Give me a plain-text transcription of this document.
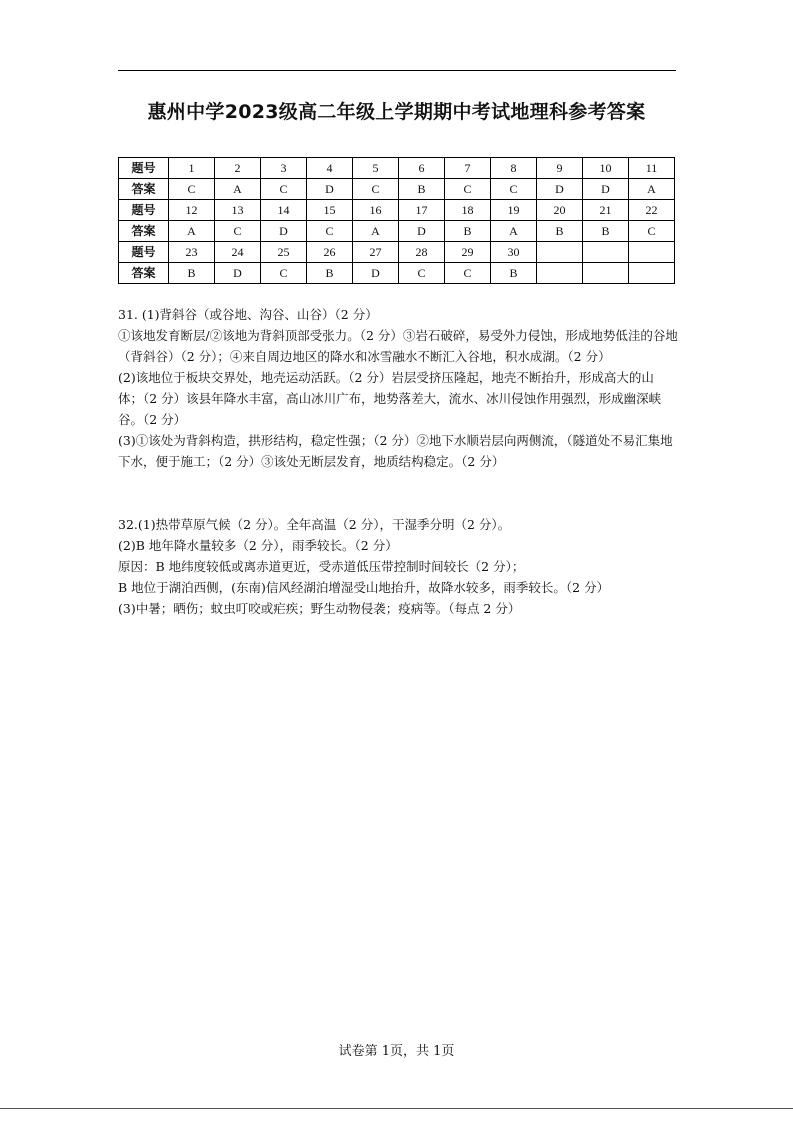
惠州中学2023级高二年级上学期期中考试地理科参考答案
题号	1	2	3	4	5	6	7	8	9	10	11
答案	C	A	C	D	C	B	C	C	D	D	A
题号	12	13	14	15	16	17	18	19	20	21	22
答案	A	C	D	C	A	D	B	A	B	B	C
题号	23	24	25	26	27	28	29	30			
答案	B	D	C	B	D	C	C	B			

31. (1)背斜谷（或谷地、沟谷、山谷）（2 分）

①该地发育断层/②该地为背斜顶部受张力。（2 分）③岩石破碎，易受外力侵蚀，形成地势低洼的谷地（背斜谷）（2 分）；④来自周边地区的降水和冰雪融水不断汇入谷地，积水成湖。（2 分）

(2)该地位于板块交界处，地壳运动活跃。（2 分）岩层受挤压隆起，地壳不断抬升，形成高大的山体；（2 分）该县年降水丰富，高山冰川广布，地势落差大，流水、冰川侵蚀作用强烈，形成幽深峡谷。（2 分）

(3)①该处为背斜构造，拱形结构，稳定性强；（2 分）②地下水顺岩层向两侧流，（隧道处不易汇集地下水，便于施工；（2 分）③该处无断层发育，地质结构稳定。（2 分）

32.(1)热带草原气候（2 分）。全年高温（2 分），干湿季分明（2 分）。

(2)B 地年降水量较多（2 分），雨季较长。（2 分）

原因：B 地纬度较低或离赤道更近，受赤道低压带控制时间较长（2 分）；

B 地位于湖泊西侧，(东南)信风经湖泊增湿受山地抬升，故降水较多，雨季较长。（2 分）

(3)中暑；晒伤；蚊虫叮咬或疟疾；野生动物侵袭；疫病等。（每点 2 分）

试卷第 1页，共 1页
